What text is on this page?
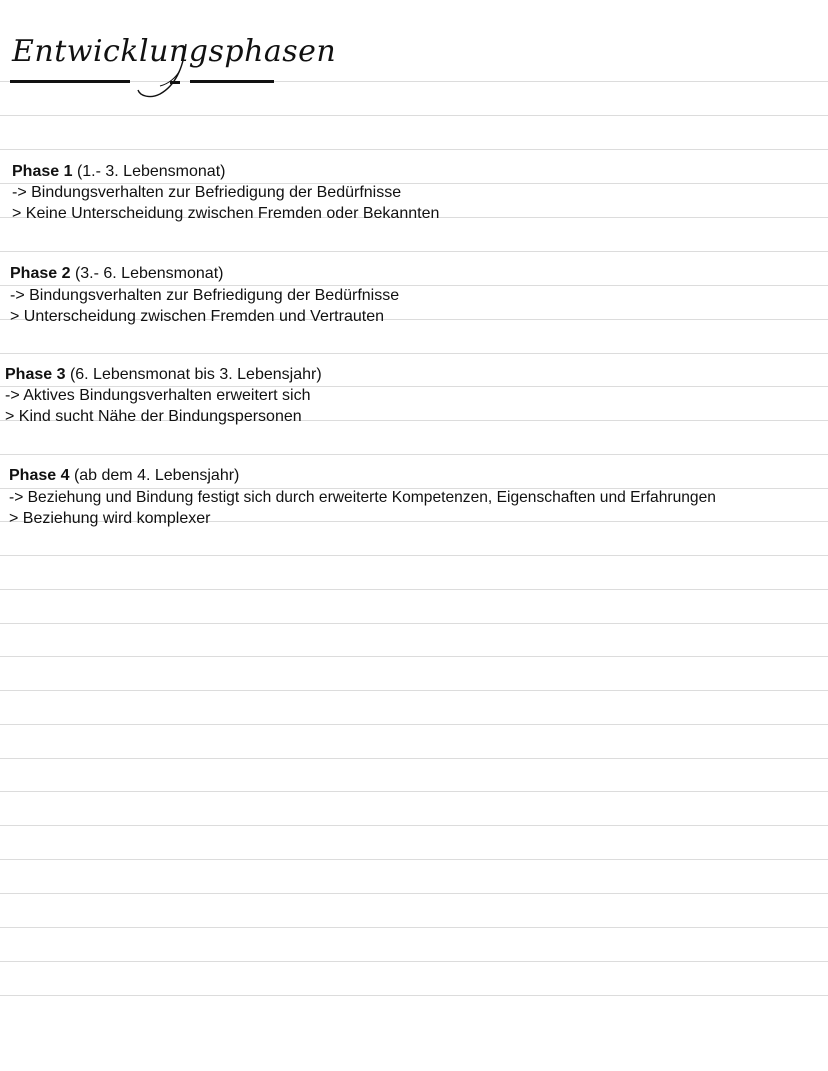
Entwicklungsphasen
Phase 1 (1.- 3. Lebensmonat)
-> Bindungsverhalten zur Befriedigung der Bedürfnisse
> Keine Unterscheidung zwischen Fremden oder Bekannten
Phase 2 (3.- 6. Lebensmonat)
-> Bindungsverhalten zur Befriedigung der Bedürfnisse
> Unterscheidung zwischen Fremden und Vertrauten
Phase 3 (6. Lebensmonat bis 3. Lebensjahr)
-> Aktives Bindungsverhalten erweitert sich
> Kind sucht Nähe der Bindungspersonen
Phase 4 (ab dem 4. Lebensjahr)
-> Beziehung und Bindung festigt sich durch erweiterte Kompetenzen, Eigenschaften und Erfahrungen
> Beziehung wird komplexer
